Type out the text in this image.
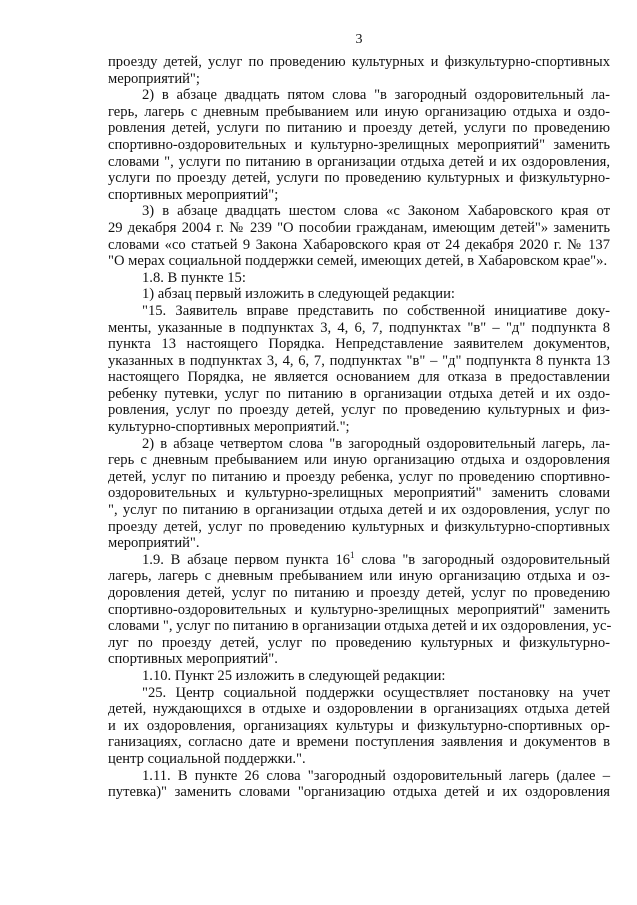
3
проезду детей, услуг по проведению культурных и физкультурно-спортивных
мероприятий";
2) в абзаце двадцать пятом слова "в загородный оздоровительный ла-
герь, лагерь с дневным пребыванием или иную организацию отдыха и оздо-
ровления детей, услуги по питанию и проезду детей, услуги по проведению
спортивно-оздоровительных и культурно-зрелищных мероприятий" заменить
словами ", услуги по питанию в организации отдыха детей и их оздоровления,
услуги по проезду детей, услуги по проведению культурных и физкультурно-
спортивных мероприятий";
3) в абзаце двадцать шестом слова «с Законом Хабаровского края от
29 декабря 2004 г. № 239 "О пособии гражданам, имеющим детей"» заменить
словами «со статьей 9 Закона Хабаровского края от 24 декабря 2020 г. № 137
"О мерах социальной поддержки семей, имеющих детей, в Хабаровском крае"».
1.8. В пункте 15:
1) абзац первый изложить в следующей редакции:
"15. Заявитель вправе представить по собственной инициативе доку-
менты, указанные в подпунктах 3, 4, 6, 7, подпунктах "в" – "д" подпункта 8
пункта 13 настоящего Порядка. Непредставление заявителем документов,
указанных в подпунктах 3, 4, 6, 7, подпунктах "в" – "д" подпункта 8 пункта 13
настоящего Порядка, не является основанием для отказа в предоставлении
ребенку путевки, услуг по питанию в организации отдыха детей и их оздо-
ровления, услуг по проезду детей, услуг по проведению культурных и физ-
культурно-спортивных мероприятий.";
2) в абзаце четвертом слова "в загородный оздоровительный лагерь, ла-
герь с дневным пребыванием или иную организацию отдыха и оздоровления
детей, услуг по питанию и проезду ребенка, услуг по проведению спортивно-
оздоровительных и культурно-зрелищных мероприятий" заменить словами
", услуг по питанию в организации отдыха детей и их оздоровления, услуг по
проезду детей, услуг по проведению культурных и физкультурно-спортивных
мероприятий".
1.9. В абзаце первом пункта $16^1$ слова "в загородный оздоровительный
лагерь, лагерь с дневным пребыванием или иную организацию отдыха и оз-
доровления детей, услуг по питанию и проезду детей, услуг по проведению
спортивно-оздоровительных и культурно-зрелищных мероприятий" заменить
словами ", услуг по питанию в организации отдыха детей и их оздоровления, ус-
луг по проезду детей, услуг по проведению культурных и физкультурно-
спортивных мероприятий".
1.10. Пункт 25 изложить в следующей редакции:
"25. Центр социальной поддержки осуществляет постановку на учет
детей, нуждающихся в отдыхе и оздоровлении в организациях отдыха детей
и их оздоровления, организациях культуры и физкультурно-спортивных ор-
ганизациях, согласно дате и времени поступления заявления и документов в
центр социальной поддержки.".
1.11. В пункте 26 слова "загородный оздоровительный лагерь (далее –
путевка)" заменить словами "организацию отдыха детей и их оздоровления
